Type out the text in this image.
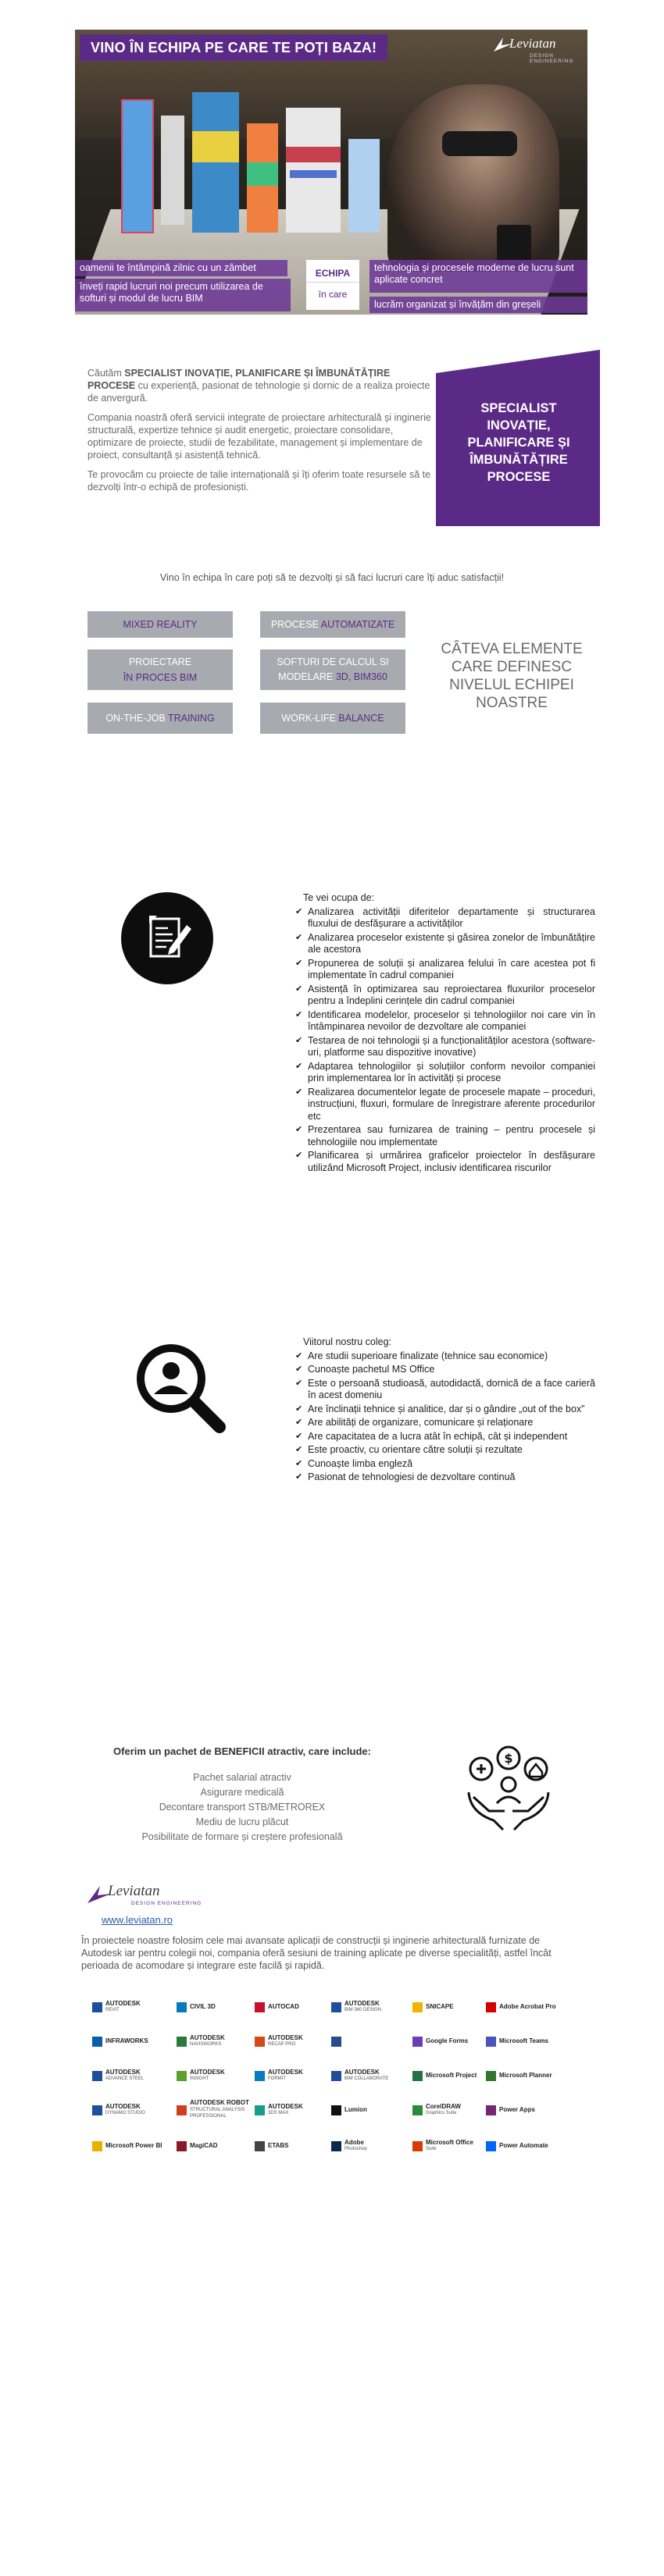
VINO ÎN ECHIPA PE CARE TE POȚI BAZA!	Leviatan
DESIGN ENGINEERING
oamenii te întâmpină zilnic cu un zâmbet
înveți rapid lucruri noi precum utilizarea de softuri și modul de lucru BIM
tehnologia și procesele moderne de lucru sunt aplicate concret
lucrăm organizat și învățăm din greșeli
ECHIPA
în care

Căutăm SPECIALIST INOVAȚIE, PLANIFICARE ȘI ÎMBUNĂTĂȚIRE PROCESE cu experiență, pasionat de tehnologie și dornic de a realiza proiecte de anvergură.

Compania noastră oferă servicii integrate de proiectare arhitecturală și inginerie structurală, expertize tehnice și audit energetic, proiectare consolidare, optimizare de proiecte, studii de fezabilitate, management și implementare de proiect, consultanță și asistență tehnică.

Te provocăm cu proiecte de talie internațională și îți oferim toate resursele să te dezvolți într-o echipă de profesioniști.

SPECIALIST INOVAȚIE, PLANIFICARE ȘI ÎMBUNĂTĂȚIRE PROCESE
Vino în echipa în care poți să te dezvolți și să faci lucruri care îți aduc satisfacții!
MIXED REALITY	PROCESE AUTOMATIZATE
PROIECTARE
ÎN PROCES BIM
SOFTURI DE CALCUL SI
MODELARE 3D, BIM360
ON-THE-JOB TRAINING	WORK-LIFE BALANCE
CÂTEVA ELEMENTE CARE DEFINESC NIVELUL ECHIPEI NOASTRE
Te vei ocupa de:
✔ Analizarea activității diferitelor departamente și structurarea fluxului de desfășurare a activităților
✔ Analizarea proceselor existente și găsirea zonelor de îmbunătățire ale acestora
✔ Propunerea de soluții și analizarea felului în care acestea pot fi implementate în cadrul companiei
✔ Asistență în optimizarea sau reproiectarea fluxurilor proceselor pentru a îndeplini cerințele din cadrul companiei
✔ Identificarea modelelor, proceselor și tehnologiilor noi care vin în întâmpinarea nevoilor de dezvoltare ale companiei
✔ Testarea de noi tehnologii și a funcționalităților acestora (software-uri, platforme sau dispozitive inovative)
✔ Adaptarea tehnologiilor și soluțiilor conform nevoilor companiei prin implementarea lor în activități și procese
✔ Realizarea documentelor legate de procesele mapate – proceduri, instrucțiuni, fluxuri, formulare de înregistrare aferente procedurilor etc
✔ Prezentarea sau furnizarea de training – pentru procesele și tehnologiile nou implementate
✔ Planificarea și urmărirea graficelor proiectelor în desfășurare utilizând Microsoft Project, inclusiv identificarea riscurilor
Viitorul nostru coleg:
✔ Are studii superioare finalizate (tehnice sau economice)
✔ Cunoaște pachetul MS Office
✔ Este o persoană studioasă, autodidactă, dornică de a face carieră în acest domeniu
✔ Are înclinații tehnice și analitice, dar și o gândire „out of the box”
✔ Are abilități de organizare, comunicare și relaționare
✔ Are capacitatea de a lucra atât în echipă, cât și independent
✔ Este proactiv, cu orientare către soluții și rezultate
✔ Cunoaște limba engleză
✔ Pasionat de tehnologiesi de dezvoltare continuă
Oferim un pachet de BENEFICII atractiv, care include:
Pachet salarial atractiv
Asigurare medicală
Decontare transport STB/METROREX
Mediu de lucru plăcut
Posibilitate de formare și creștere profesională
$
Leviatan
DESIGN ENGINEERING
www.leviatan.ro
În proiectele noastre folosim cele mai avansate aplicații de construcții și inginerie arhitecturală furnizate de Autodesk iar pentru colegii noi, compania oferă sesiuni de training aplicate pe diverse specialități, astfel încât perioada de acomodare și integrare este facilă și rapidă.
AUTODESK
REVIT
CIVIL 3D	AUTOCAD	AUTODESK
BIM 360 DESIGN
SNICAPE	Adobe Acrobat Pro
INFRAWORKS	AUTODESK
NAVISWORKS
AUTODESK
RECAP PRO
Google Forms	Microsoft Teams
AUTODESK
ADVANCE STEEL
AUTODESK
INSIGHT
AUTODESK
FORMIT
AUTODESK
BIM COLLABORATE
Microsoft Project	Microsoft Planner
AUTODESK
DYNAMO STUDIO
AUTODESK ROBOT
STRUCTURAL ANALYSIS PROFESSIONAL
AUTODESK
3DS MAX
Lumion	CorelDRAW
Graphics Suite
Power Apps
Microsoft Power BI	MagiCAD	ETABS	Adobe
Photoshop
Microsoft Office
Suite
Power Automate
